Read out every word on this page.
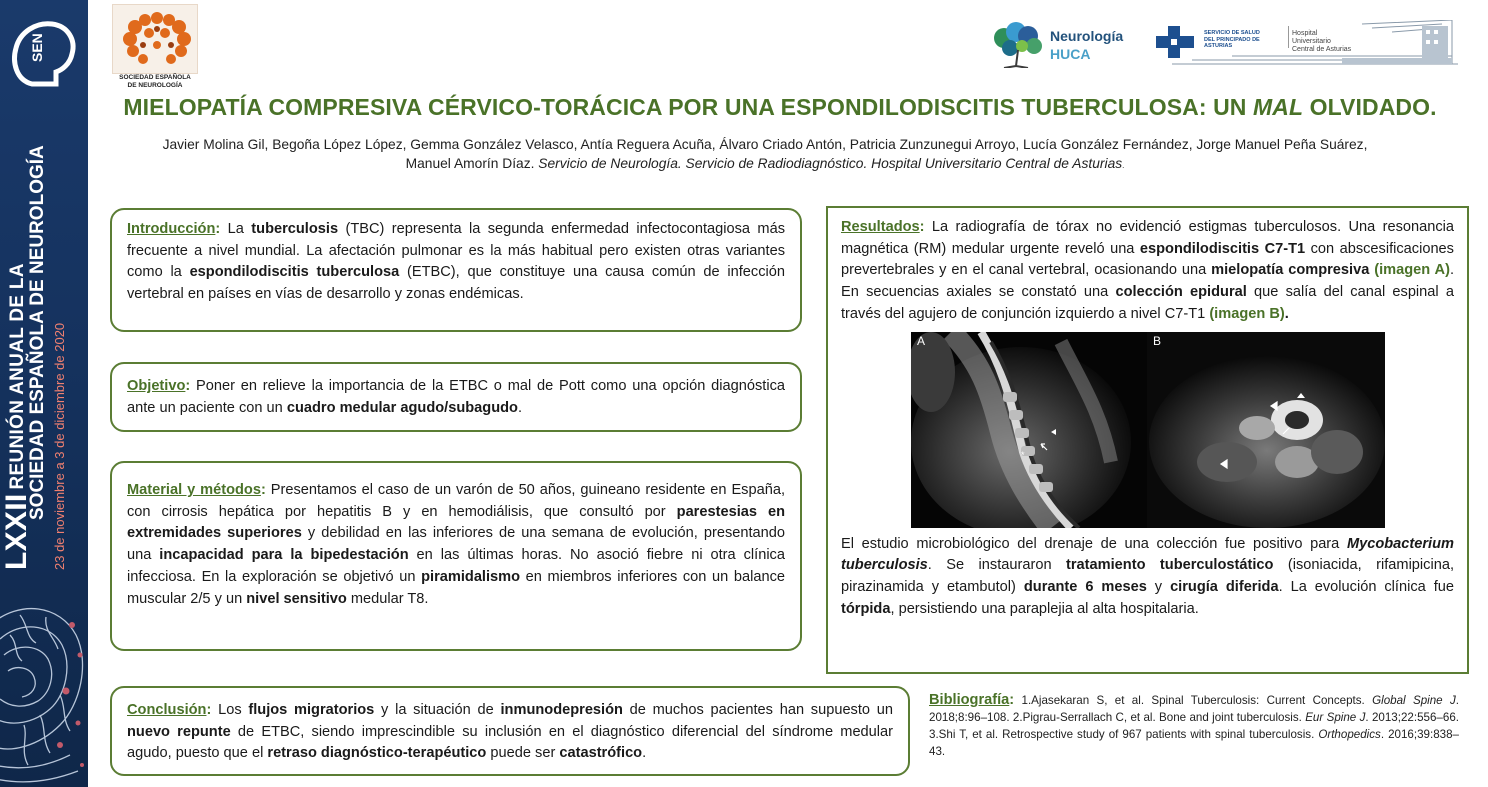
SEN
LXXIIREUNIÓN ANUAL DE LA SOCIEDAD ESPAÑOLA DE NEUROLOGÍA 23 de noviembre a 3 de diciembre de 2020
SOCIEDAD ESPAÑOLA
DE NEUROLOGÍA
Neurología
HUCA
SERVICIO DE SALUD
DEL PRINCIPADO DE ASTURIAS
Hospital Universitario
Central de Asturias
MIELOPATÍA COMPRESIVA CÉRVICO-TORÁCICA POR UNA ESPONDILODISCITIS TUBERCULOSA: UN MAL OLVIDADO.
Javier Molina Gil, Begoña López López, Gemma González Velasco, Antía Reguera Acuña, Álvaro Criado Antón, Patricia Zunzunegui Arroyo, Lucía González Fernández, Jorge Manuel Peña Suárez, Manuel Amorín Díaz. Servicio de Neurología. Servicio de Radiodiagnóstico. Hospital Universitario Central de Asturias.
Introducción: La tuberculosis (TBC) representa la segunda enfermedad infectocontagiosa más frecuente a nivel mundial. La afectación pulmonar es la más habitual pero existen otras variantes como la espondilodiscitis tuberculosa (ETBC), que constituye una causa común de infección vertebral en países en vías de desarrollo y zonas endémicas.
Objetivo: Poner en relieve la importancia de la ETBC o mal de Pott como una opción diagnóstica ante un paciente con un cuadro medular agudo/subagudo.
Material y métodos: Presentamos el caso de un varón de 50 años, guineano residente en España, con cirrosis hepática por hepatitis B y en hemodiálisis, que consultó por parestesias en extremidades superiores y debilidad en las inferiores de una semana de evolución, presentando una incapacidad para la bipedestación en las últimas horas. No asoció fiebre ni otra clínica infecciosa. En la exploración se objetivó un piramidalismo en miembros inferiores con un balance muscular 2/5 y un nivel sensitivo medular T8.
Conclusión: Los flujos migratorios y la situación de inmunodepresión de muchos pacientes han supuesto un nuevo repunte de ETBC, siendo imprescindible su inclusión en el diagnóstico diferencial del síndrome medular agudo, puesto que el retraso diagnóstico-terapéutico puede ser catastrófico.
Resultados: La radiografía de tórax no evidenció estigmas tuberculosos. Una resonancia magnética (RM) medular urgente reveló una espondilodiscitis C7-T1 con abscesificaciones prevertebrales y en el canal vertebral, ocasionando una mielopatía compresiva (imagen A). En secuencias axiales se constató una colección epidural que salía del canal espinal a través del agujero de conjunción izquierdo a nivel C7-T1 (imagen B).
*
A	B
El estudio microbiológico del drenaje de una colección fue positivo para Mycobacterium tuberculosis. Se instauraron tratamiento tuberculostático (isoniacida, rifamipicina, pirazinamida y etambutol) durante 6 meses y cirugía diferida. La evolución clínica fue tórpida, persistiendo una paraplejia al alta hospitalaria.
Bibliografía: 1.Ajasekaran S, et al. Spinal Tuberculosis: Current Concepts. Global Spine J. 2018;8:96–108. 2.Pigrau-Serrallach C, et al. Bone and joint tuberculosis. Eur Spine J. 2013;22:556–66. 3.Shi T, et al. Retrospective study of 967 patients with spinal tuberculosis. Orthopedics. 2016;39:838–43.
